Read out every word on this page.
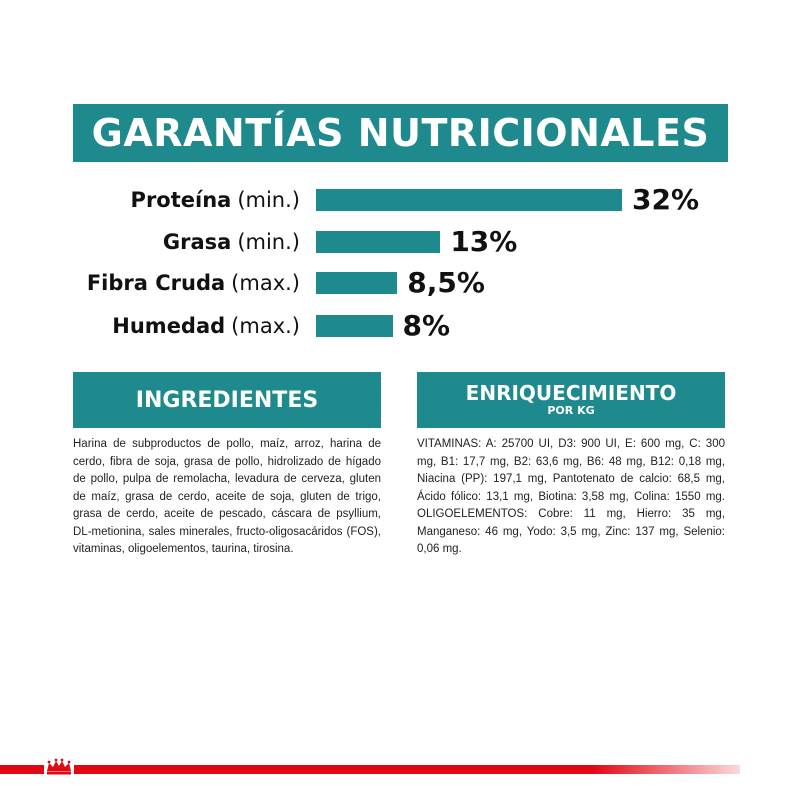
GARANTÍAS NUTRICIONALES
Proteína (min.)	32%
Grasa (min.)	13%
Fibra Cruda (max.)	8,5%
Humedad (max.)	8%
INGREDIENTES

Harina de subproductos de pollo, maíz, arroz, harina de cerdo, fibra de soja, grasa de pollo, hidrolizado de hígado de pollo, pulpa de remolacha, levadura de cerveza, gluten de maíz, grasa de cerdo, aceite de soja, gluten de trigo, grasa de cerdo, aceite de pescado, cáscara de psyllium, DL-metionina, sales minerales, fructo-oligosacáridos (FOS), vitaminas, oligoelementos, taurina, tirosina.

ENRIQUECIMIENTO
POR KG

VITAMINAS: A: 25700 UI, D3: 900 UI, E: 600 mg, C: 300 mg, B1: 17,7 mg, B2: 63,6 mg, B6: 48 mg, B12: 0,18 mg, Niacina (PP): 197,1 mg, Pantotenato de calcio: 68,5 mg, Ácido fólico: 13,1 mg, Biotina: 3,58 mg, Colina: 1550 mg. OLIGOELEMENTOS: Cobre: 11 mg, Hierro: 35 mg, Manganeso: 46 mg, Yodo: 3,5 mg, Zinc: 137 mg, Selenio: 0,06 mg.
